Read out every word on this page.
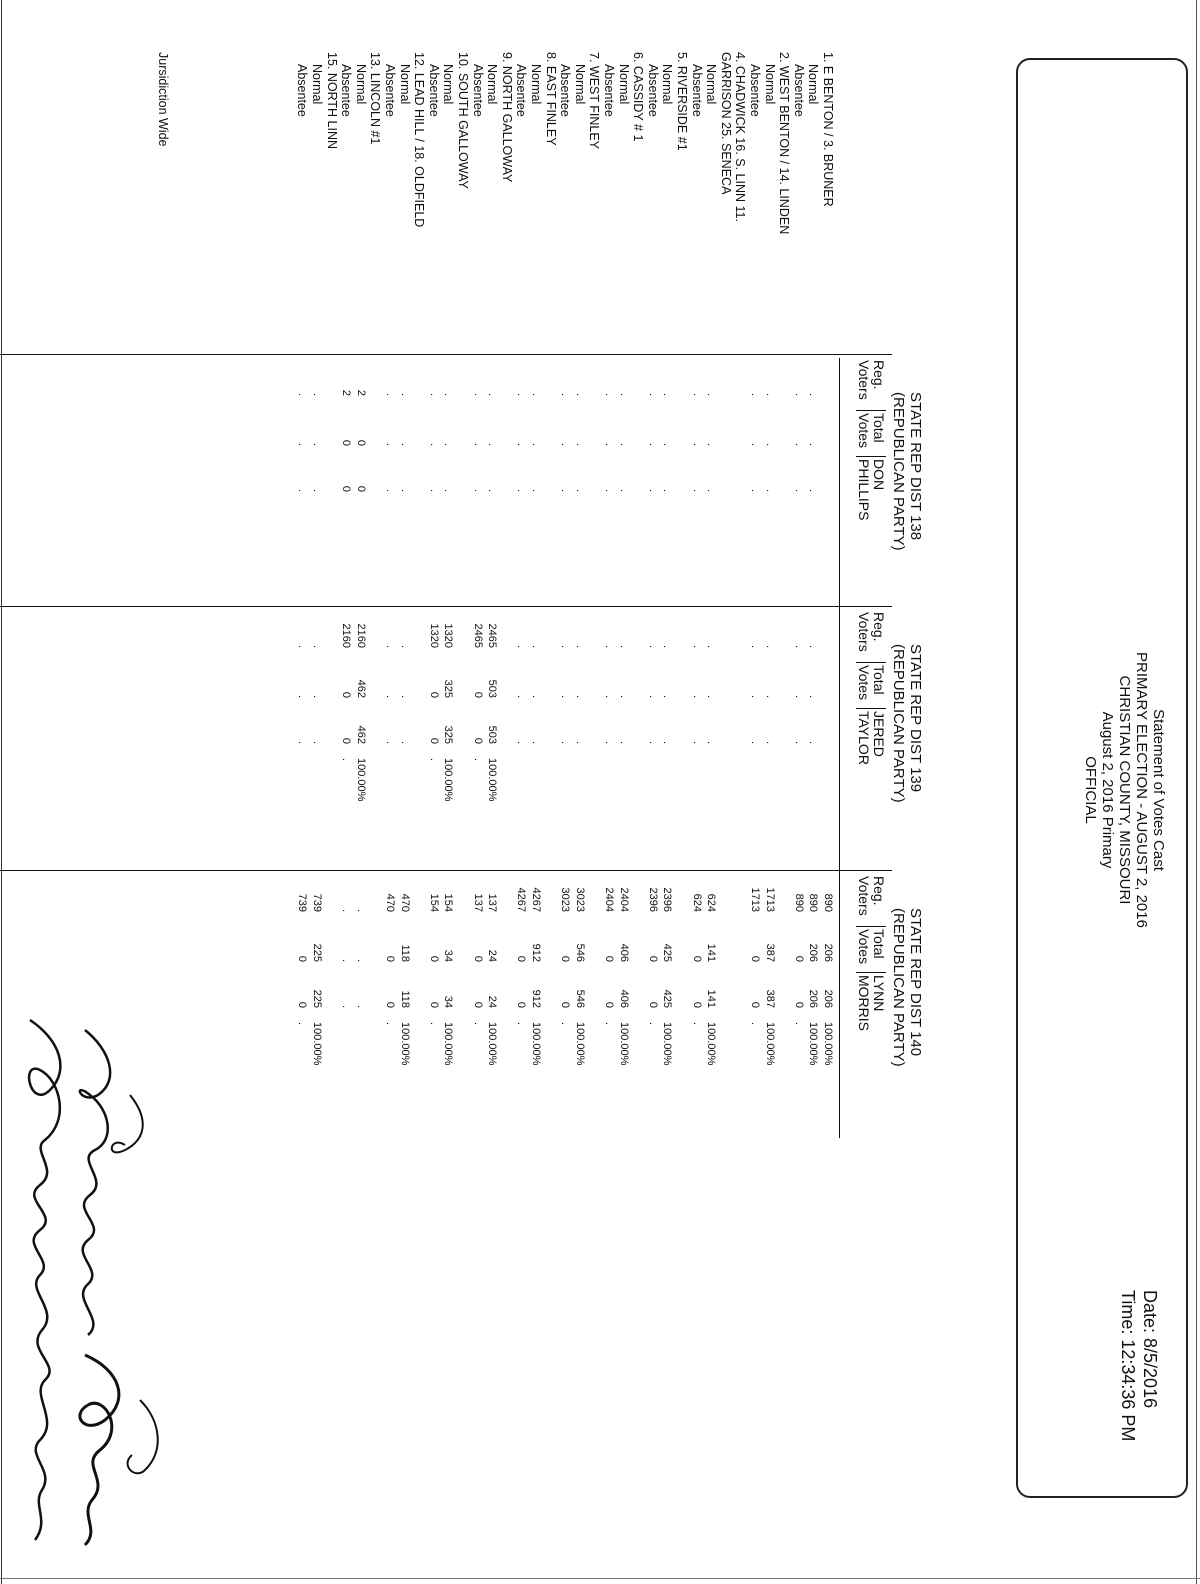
Statement of Votes Cast
PRIMARY ELECTION - AUGUST 2, 2016
CHRISTIAN COUNTY, MISSOURI
August 2, 2016 Primary
OFFICIAL
Date: 8/5/2016
Time: 12:34:36 PM
Jursidiction Wide
STATE REP DIST 138
(REPUBLICAN PARTY)
Reg.
Voters
Total
Votes
DON
PHILLIPS
STATE REP DIST 139
(REPUBLICAN PARTY)
Reg.
Voters
Total
Votes
JERED
TAYLOR
STATE REP DIST 140
(REPUBLICAN PARTY)
Reg.
Voters
Total
Votes
LYNN
MORRIS
1. E BENTON / 3. BRUNER
890
206
206
100.00%
Normal
.
.
.
.
.
.
890
206
206
100.00%
Absentee
.
.
.
.
.
.
890
0
0
.
2. WEST BENTON / 14. LINDEN
Normal
.
.
.
.
.
.
1713
387
387
100.00%
Absentee
.
.
.
.
.
.
1713
0
0
.
4. CHADWICK 16. S. LINN 11.
GARRISON 25. SENECA
Normal
.
.
.
.
.
.
624
141
141
100.00%
Absentee
.
.
.
.
.
.
624
0
0
.
5. RIVERSIDE #1
Normal
.
.
.
.
.
.
2396
425
425
100.00%
Absentee
.
.
.
.
.
.
2396
0
0
.
6. CASSIDY # 1
Normal
.
.
.
.
.
.
2404
406
406
100.00%
Absentee
.
.
.
.
.
.
2404
0
0
.
7. WEST FINLEY
Normal
.
.
.
.
.
.
3023
546
546
100.00%
Absentee
.
.
.
.
.
.
3023
0
0
.
8. EAST FINLEY
Normal
.
.
.
.
.
.
4267
912
912
100.00%
Absentee
.
.
.
.
.
.
4267
0
0
.
9. NORTH GALLOWAY
Normal
.
.
.
2465
503
503
100.00%
137
24
24
100.00%
Absentee
.
.
.
2465
0
0
.
137
0
0
.
10. SOUTH GALLOWAY
Normal
.
.
.
1320
325
325
100.00%
154
34
34
100.00%
Absentee
.
.
.
1320
0
0
.
154
0
0
.
12. LEAD HILL / 18. OLDFIELD
Normal
.
.
.
.
.
.
470
118
118
100.00%
Absentee
.
.
.
.
.
.
470
0
0
.
13. LINCOLN #1
Normal
2
0
0
2160
462
462
100.00%
.
.
.
Absentee
2
0
0
2160
0
0
.
.
.
.
15. NORTH LINN
Normal
.
.
.
.
.
.
739
225
225
100.00%
Absentee
.
.
.
.
.
.
739
0
0
.
